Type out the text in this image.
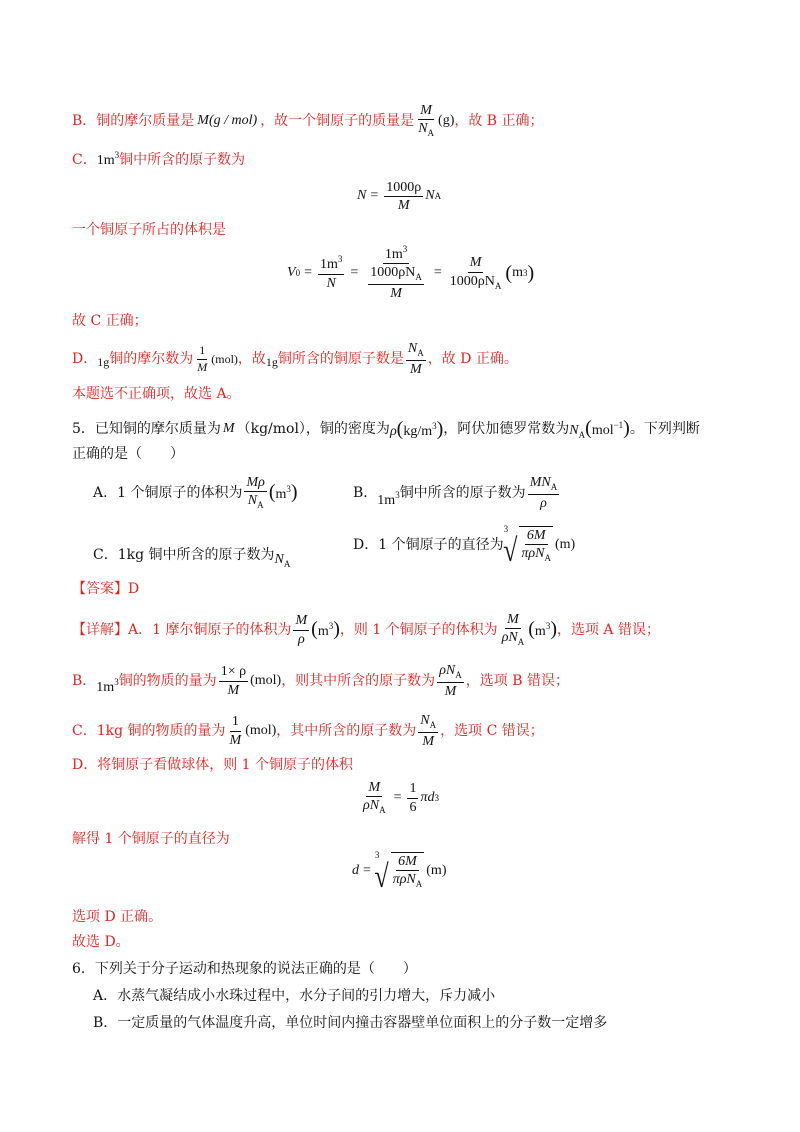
B．铜的摩尔质量是 M(g / mol) ，故一个铜原子的质量是 $\frac{M}{N_A} (g)$ ，故 B 正确；
C． $1m^3$ 铜中所含的原子数为
$N = \frac{1000\rho}{M}$ N A
一个铜原子所占的体积是
V $0 = \frac{1m^3}{N} = \frac{1m^3}{\frac{1000\rho N_A}{M}} = \frac{M}{1000\rho N_A}$ ( m 3 )
故 C 正确；
D． 1g 铜的摩尔数为 $\frac{1}{M} (mol)$ ，故 1g 铜所含的铜原子数是 $\frac{N_A}{M}$ ，故 D 正确。
本题选不正确项，故选 A。
5．已知铜的摩尔质量为 M （kg/mol），铜的密度为 $\rho(kg/m^3)$ ，阿伏加德罗常数为 $N_A(mol^{-1})$ 。下列判断
正确的是（　　）
A．1 个铜原子的体积为 $\frac{M\rho}{N_A} (m^3)$	B． $1m^3$ 铜中所含的原子数为 $\frac{MN_A}{\rho}$
C．1kg 铜中所含的原子数为 $N_A$
D．1 个铜原子的直径为
3
√ $\frac{6M}{\pi\rho N_A} (m)$
【答案】D
【详解】A．1 摩尔铜原子的体积为 $\frac{M}{\rho} (m^3)$ ，则 1 个铜原子的体积为 $\frac{M}{\rho N_A} (m^3)$ ，选项 A 错误；
B． $1m^3$ 铜的物质的量为 $\frac{1\times \rho}{M} (mol)$ ，则其中所含的原子数为 $\frac{\rho N_A}{M}$ ，选项 B 错误；
C．1kg 铜的物质的量为 $\frac{1}{M} (mol)$ ，其中所含的原子数为 $\frac{N_A}{M}$ ，选项 C 错误；
D．将铜原子看做球体，则 1 个铜原子的体积
$\frac{M}{\rho N_A} = \frac{1}{6}$ πd 3
解得 1 个铜原子的直径为
d =
3
√ $\frac{6M}{\pi\rho N_A} (m)$
选项 D 正确。
故选 D。
6．下列关于分子运动和热现象的说法正确的是（　　）
A．水蒸气凝结成小水珠过程中，水分子间的引力增大，斥力减小
B．一定质量的气体温度升高，单位时间内撞击容器壁单位面积上的分子数一定增多
